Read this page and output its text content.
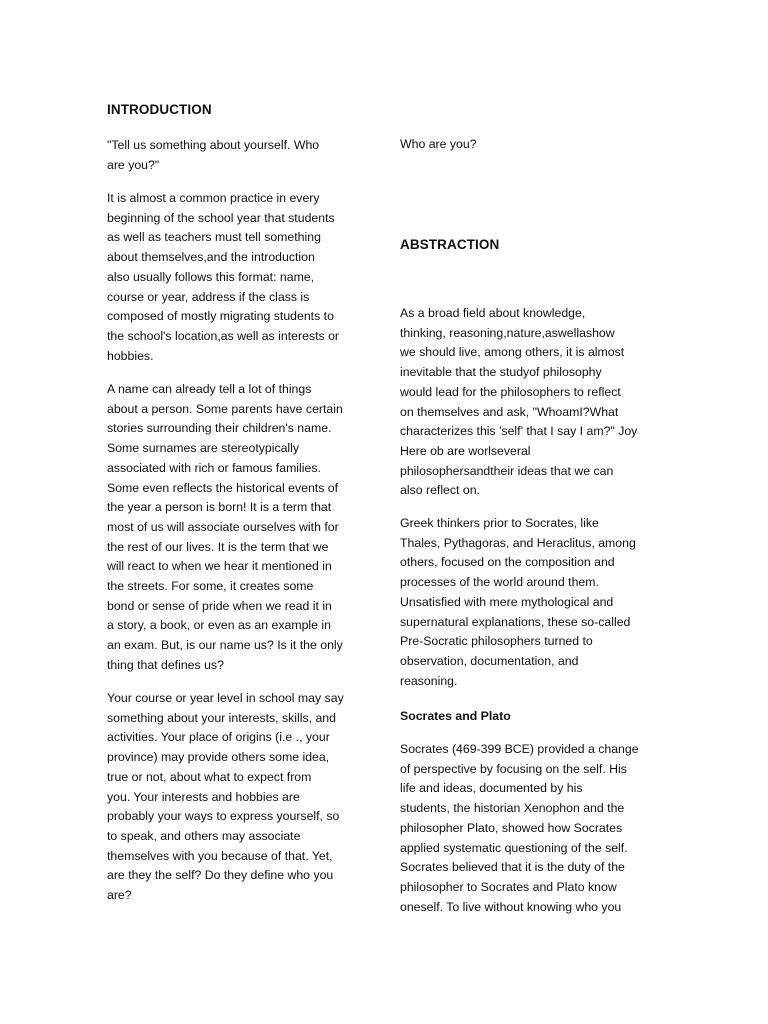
INTRODUCTION

"Tell us something about yourself. Who
are you?"

It is almost a common practice in every
beginning of the school year that students
as well as teachers must tell something
about themselves,and the introduction
also usually follows this format: name,
course or year, address if the class is
composed of mostly migrating students to
the school's location,as well as interests or
hobbies.

A name can already tell a lot of things
about a person. Some parents have certain
stories surrounding their children's name.
Some surnames are stereotypically
associated with rich or famous families.
Some even reflects the historical events of
the year a person is born! It is a term that
most of us will associate ourselves with for
the rest of our lives. It is the term that we
will react to when we hear it mentioned in
the streets. For some, it creates some
bond or sense of pride when we read it in
a story, a book, or even as an example in
an exam. But, is our name us? Is it the only
thing that defines us?

Your course or year level in school may say
something about your interests, skills, and
activities. Your place of origins (i.e ., your
province) may provide others some idea,
true or not, about what to expect from
you. Your interests and hobbies are
probably your ways to express yourself, so
to speak, and others may associate
themselves with you because of that. Yet,
are they the self? Do they define who you
are?

Who are you?

ABSTRACTION

As a broad field about knowledge,
thinking, reasoning,nature,aswellashow
we should live, among others, it is almost
inevitable that the studyof philosophy
would lead for the philosophers to reflect
on themselves and ask, "WhoamI?What
characterizes this 'self' that I say I am?" Joy
Here ob are worlseveral
philosophersandtheir ideas that we can
also reflect on.

Greek thinkers prior to Socrates, like
Thales, Pythagoras, and Heraclitus, among
others, focused on the composition and
processes of the world around them.
Unsatisfied with mere mythological and
supernatural explanations, these so-called
Pre-Socratic philosophers turned to
observation, documentation, and
reasoning.

Socrates and Plato

Socrates (469-399 BCE) provided a change
of perspective by focusing on the self. His
life and ideas, documented by his
students, the historian Xenophon and the
philosopher Plato, showed how Socrates
applied systematic questioning of the self.
Socrates believed that it is the duty of the
philosopher to Socrates and Plato know
oneself. To live without knowing who you
